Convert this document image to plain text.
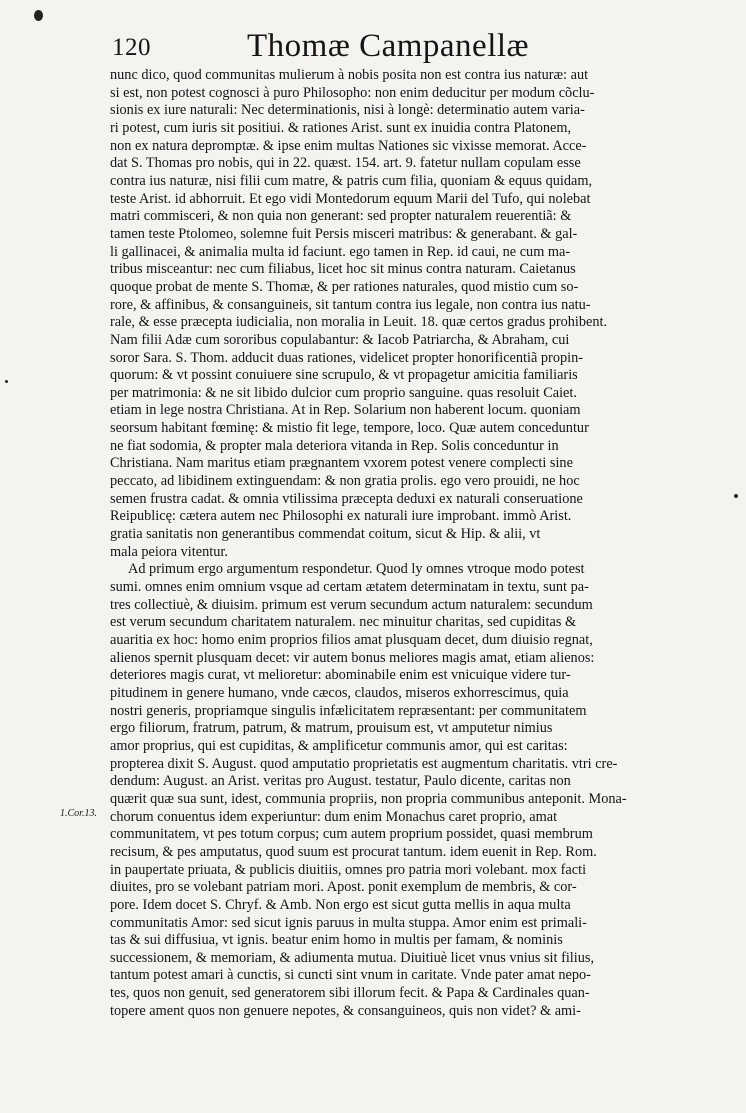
120	Thomæ Campanellæ
1.Cor.13.
nunc dico, quod communitas mulierum à nobis posita non est contra ius naturæ: aut
si est, non potest cognosci à puro Philosopho: non enim deducitur per modum cõclu-
sionis ex iure naturali: Nec determinationis, nisi à longè: determinatio autem varia-
ri potest, cum iuris sit positiui. & rationes Arist. sunt ex inuidia contra Platonem,
non ex natura depromptæ. & ipse enim multas Nationes sic vixisse memorat. Acce-
dat S. Thomas pro nobis, qui in 22. quæst. 154. art. 9. fatetur nullam copulam esse
contra ius naturæ, nisi filii cum matre, & patris cum filia, quoniam & equus quidam,
teste Arist. id abhorruit. Et ego vidi Montedorum equum Marii del Tufo, qui nolebat
matri commisceri, & non quia non generant: sed propter naturalem reuerentiã: &
tamen teste Ptolomeo, solemne fuit Persis misceri matribus: & generabant. & gal-
li gallinacei, & animalia multa id faciunt. ego tamen in Rep. id caui, ne cum ma-
tribus misceantur: nec cum filiabus, licet hoc sit minus contra naturam. Caietanus
quoque probat de mente S. Thomæ, & per rationes naturales, quod mistio cum so-
rore, & affinibus, & consanguineis, sit tantum contra ius legale, non contra ius natu-
rale, & esse præcepta iudicialia, non moralia in Leuit. 18. quæ certos gradus prohibent.
Nam filii Adæ cum sororibus copulabantur: & Iacob Patriarcha, & Abraham, cui
soror Sara. S. Thom. adducit duas rationes, videlicet propter honorificentiã propin-
quorum: & vt possint conuiuere sine scrupulo, & vt propagetur amicitia familiaris
per matrimonia: & ne sit libido dulcior cum proprio sanguine. quas resoluit Caiet.
etiam in lege nostra Christiana. At in Rep. Solarium non haberent locum. quoniam
seorsum habitant fœminę: & mistio fit lege, tempore, loco. Quæ autem conceduntur
ne fiat sodomia, & propter mala deteriora vitanda in Rep. Solis conceduntur in
Christiana. Nam maritus etiam prægnantem vxorem potest venere complecti sine
peccato, ad libidinem extinguendam: & non gratia prolis. ego vero prouidi, ne hoc
semen frustra cadat. & omnia vtilissima præcepta deduxi ex naturali conseruatione
Reipublicę: cætera autem nec Philosophi ex naturali iure improbant. immò Arist.
gratia sanitatis non generantibus commendat coitum, sicut & Hip. & alii, vt
mala peiora vitentur.
Ad primum ergo argumentum respondetur. Quod ly omnes vtroque modo potest
sumi. omnes enim omnium vsque ad certam ætatem determinatam in textu, sunt pa-
tres collectiuè, & diuisim. primum est verum secundum actum naturalem: secundum
est verum secundum charitatem naturalem. nec minuitur charitas, sed cupiditas &
auaritia ex hoc: homo enim proprios filios amat plusquam decet, dum diuisio regnat,
alienos spernit plusquam decet: vir autem bonus meliores magis amat, etiam alienos:
deteriores magis curat, vt melioretur: abominabile enim est vnicuique videre tur-
pitudinem in genere humano, vnde cæcos, claudos, miseros exhorrescimus, quia
nostri generis, propriamque singulis infælicitatem repræsentant: per communitatem
ergo filiorum, fratrum, patrum, & matrum, prouisum est, vt amputetur nimius
amor proprius, qui est cupiditas, & amplificetur communis amor, qui est caritas:
propterea dixit S. August. quod amputatio proprietatis est augmentum charitatis. vtri cre-
dendum: August. an Arist. veritas pro August. testatur, Paulo dicente, caritas non
quærit quæ sua sunt, idest, communia propriis, non propria communibus anteponit. Mona-
chorum conuentus idem experiuntur: dum enim Monachus caret proprio, amat
communitatem, vt pes totum corpus; cum autem proprium possidet, quasi membrum
recisum, & pes amputatus, quod suum est procurat tantum. idem euenit in Rep. Rom.
in paupertate priuata, & publicis diuitiis, omnes pro patria mori volebant. mox facti
diuites, pro se volebant patriam mori. Apost. ponit exemplum de membris, & cor-
pore. Idem docet S. Chryf. & Amb. Non ergo est sicut gutta mellis in aqua multa
communitatis Amor: sed sicut ignis paruus in multa stuppa. Amor enim est primali-
tas & sui diffusiua, vt ignis. beatur enim homo in multis per famam, & nominis
successionem, & memoriam, & adiumenta mutua. Diuitiuè licet vnus vnius sit filius,
tantum potest amari à cunctis, si cuncti sint vnum in caritate. Vnde pater amat nepo-
tes, quos non genuit, sed generatorem sibi illorum fecit. & Papa & Cardinales quan-
topere ament quos non genuere nepotes, & consanguineos, quis non videt? & ami-
